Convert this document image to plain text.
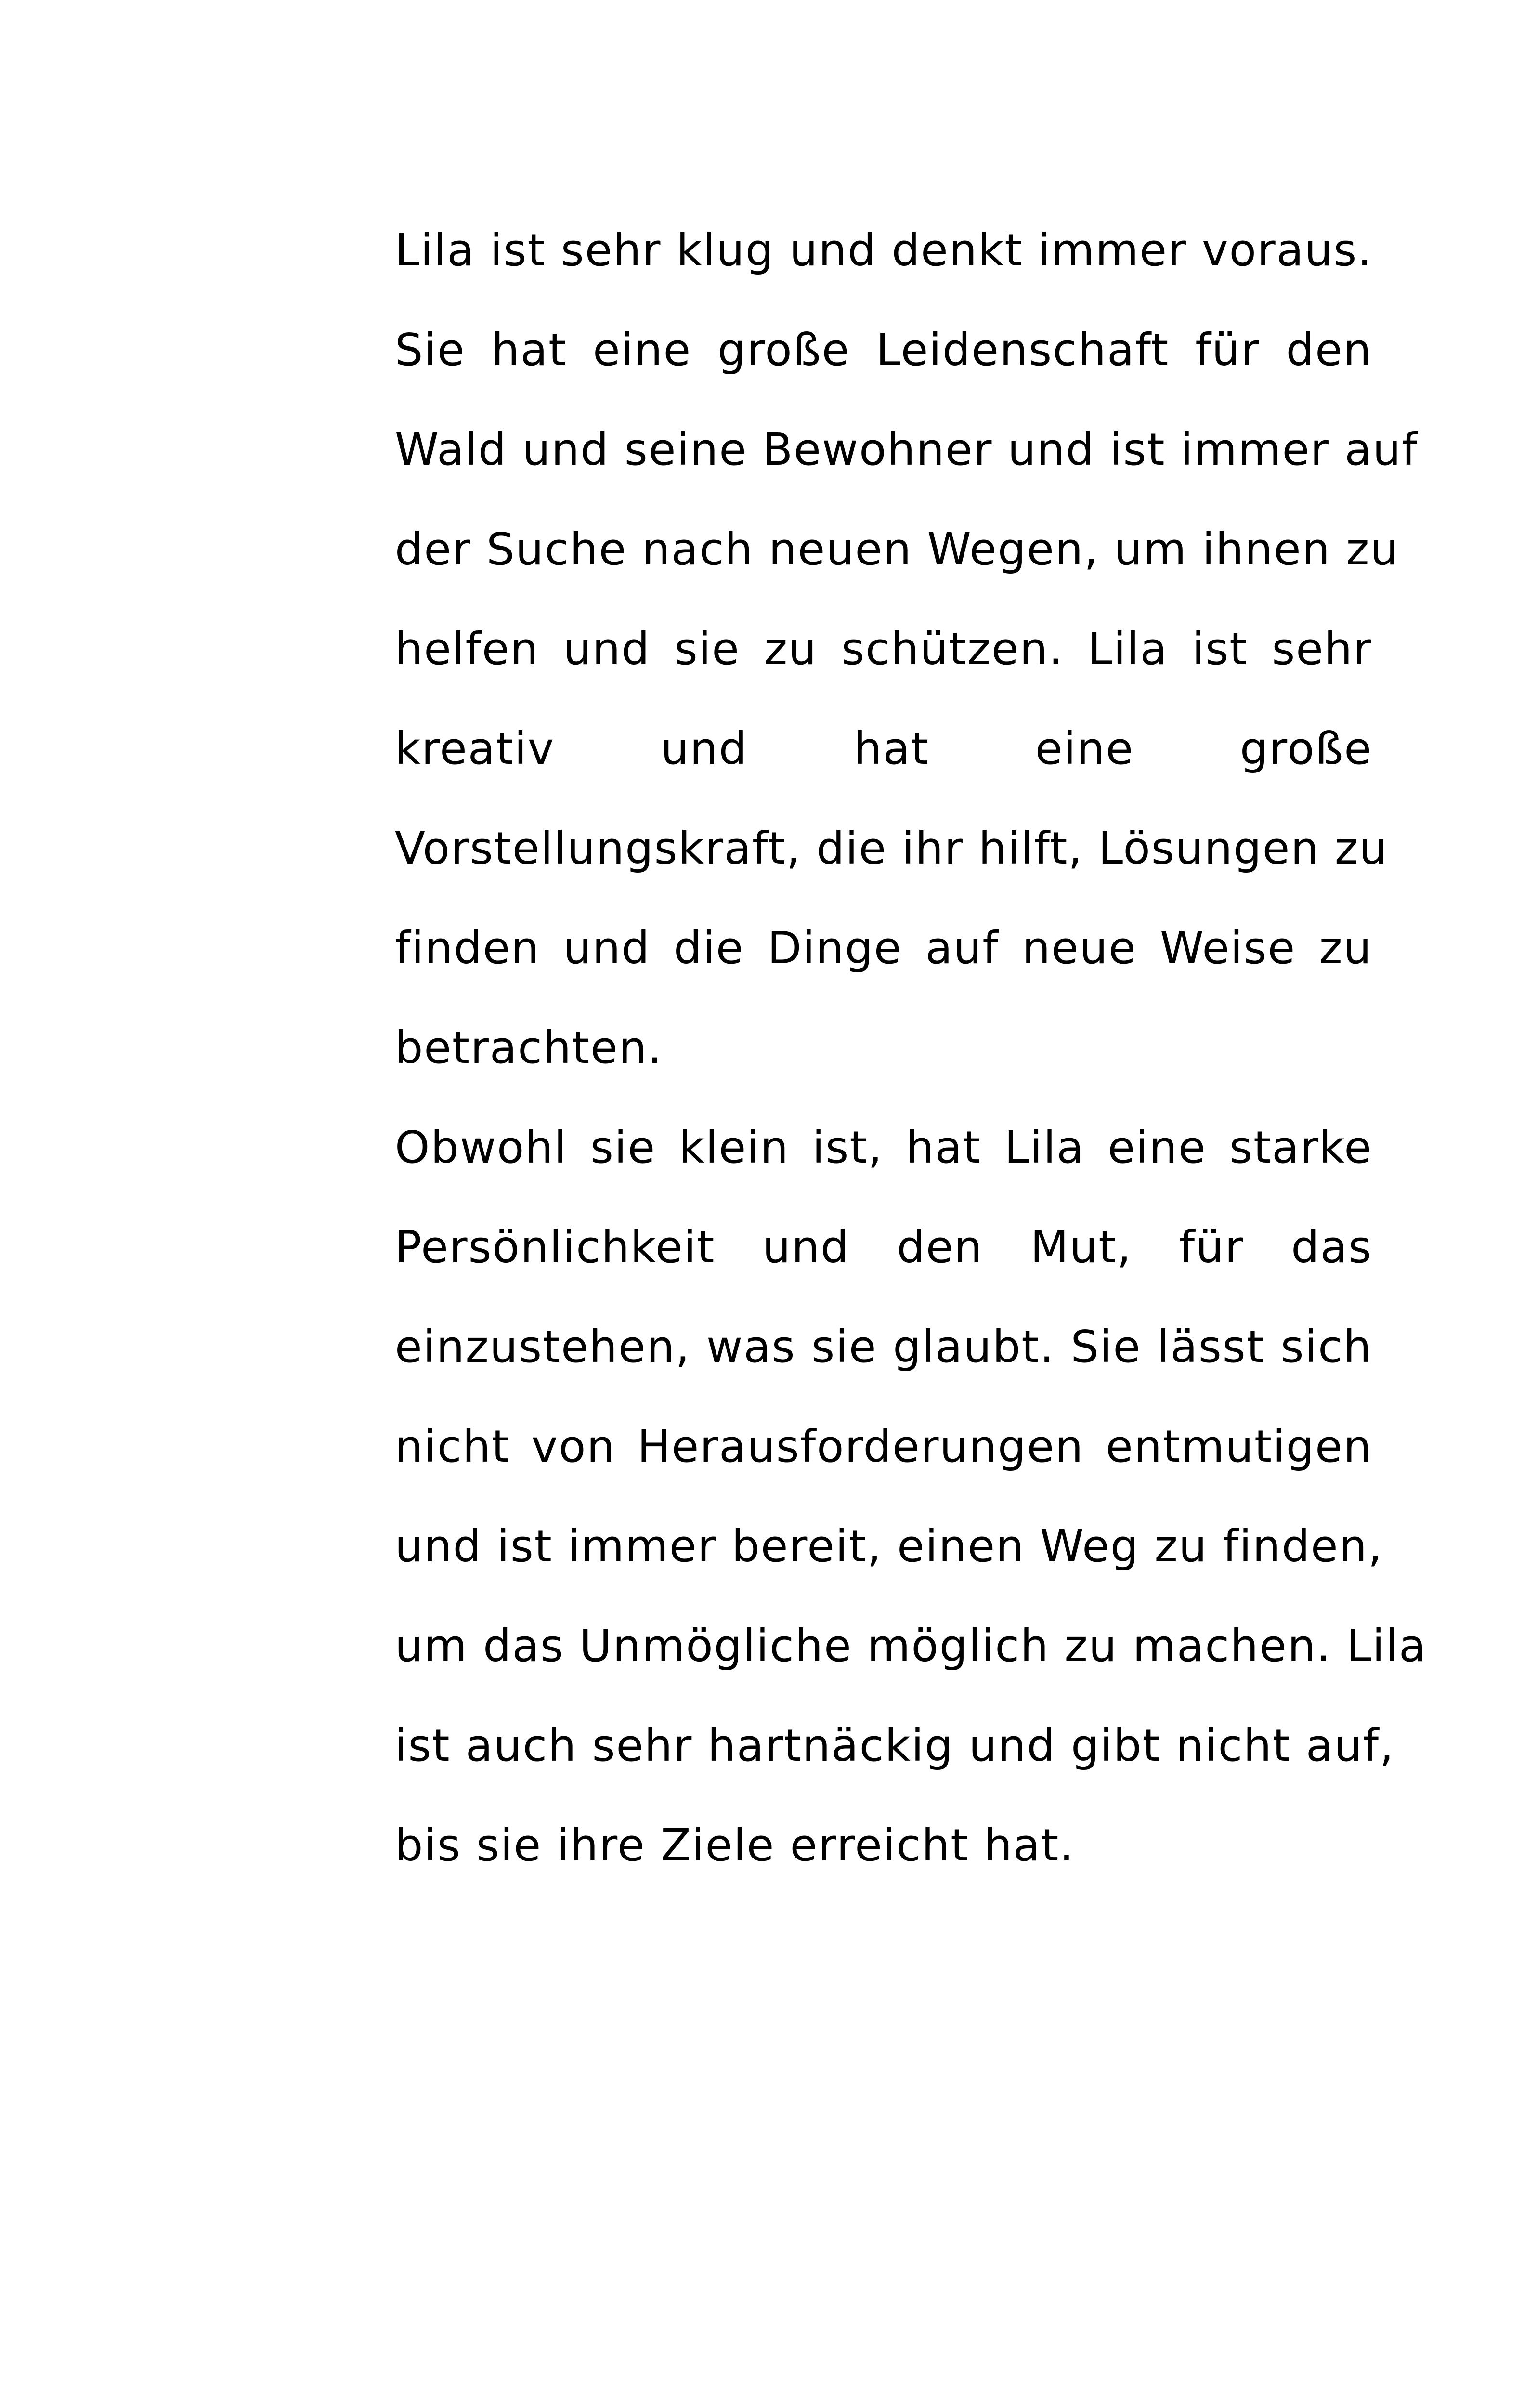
Lila ist sehr klug und denkt immer voraus.
Sie hat eine große Leidenschaft für den
Wald und seine Bewohner und ist immer auf
der Suche nach neuen Wegen, um ihnen zu
helfen und sie zu schützen. Lila ist sehr
kreativ und hat eine große
Vorstellungskraft, die ihr hilft, Lösungen zu
finden und die Dinge auf neue Weise zu
betrachten.
Obwohl sie klein ist, hat Lila eine starke
Persönlichkeit und den Mut, für das
einzustehen, was sie glaubt. Sie lässt sich
nicht von Herausforderungen entmutigen
und ist immer bereit, einen Weg zu finden,
um das Unmögliche möglich zu machen. Lila
ist auch sehr hartnäckig und gibt nicht auf,
bis sie ihre Ziele erreicht hat.
